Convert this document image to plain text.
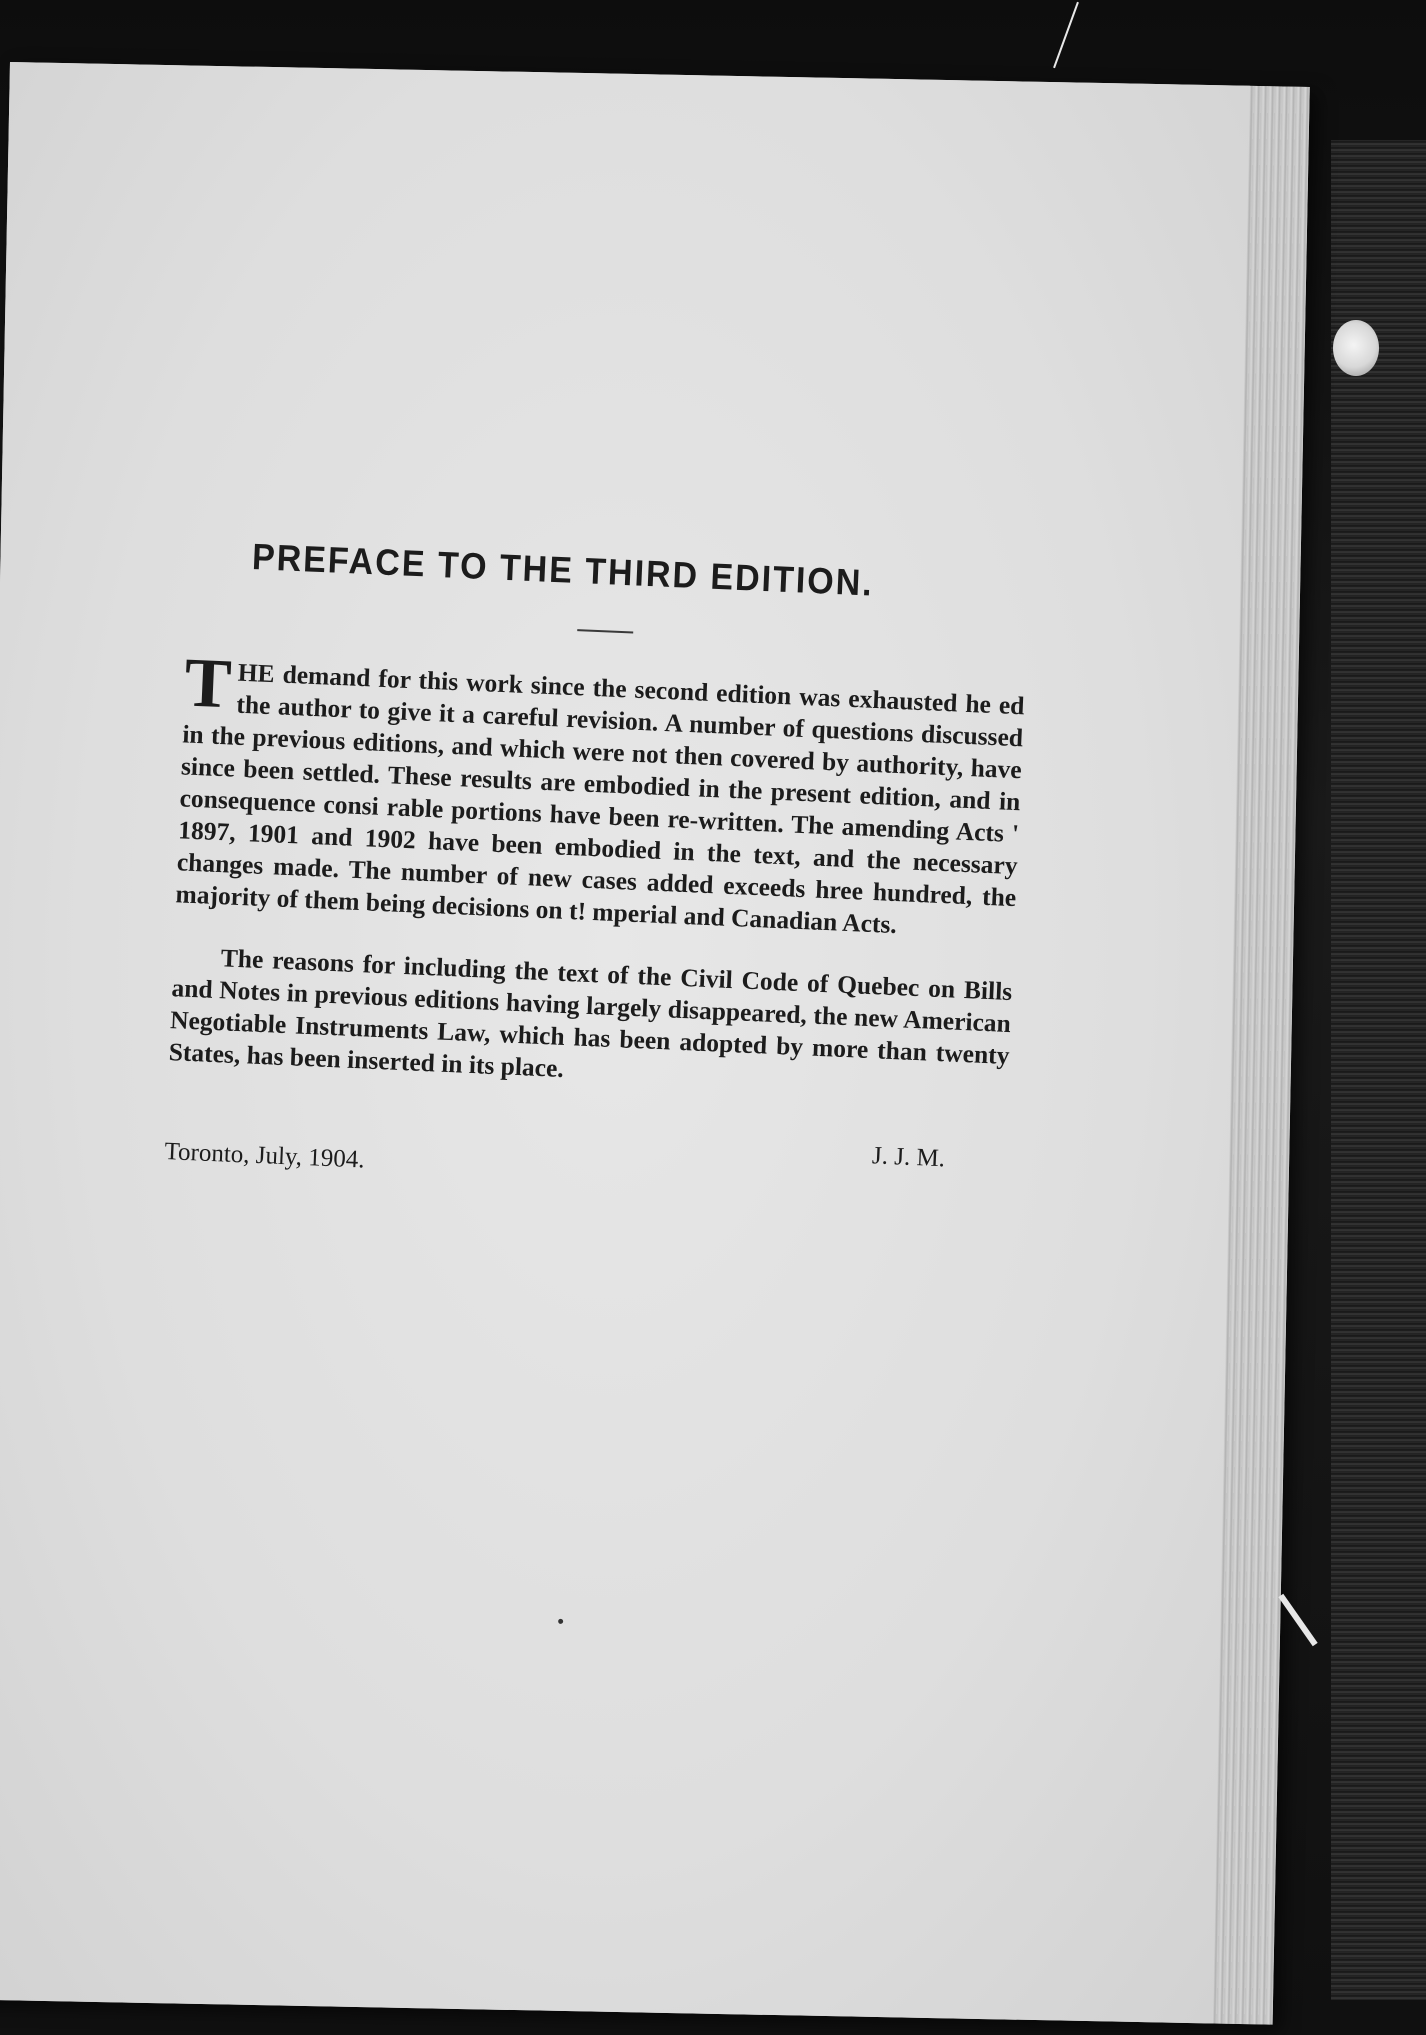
PREFACE TO THE THIRD EDITION.

THE demand for this work since the second edition was exhausted he ed the author to give it a careful revision. A number of questions discussed in the previous editions, and which were not then covered by authority, have since been settled. These results are embodied in the present edition, and in consequence consi rable portions have been re-written. The amending Acts ' 1897, 1901 and 1902 have been embodied in the text, and the necessary changes made. The number of new cases added exceeds hree hundred, the majority of them being decisions on t! mperial and Canadian Acts.

The reasons for including the text of the Civil Code of Quebec on Bills and Notes in previous editions having largely disappeared, the new American Negotiable Instruments Law, which has been adopted by more than twenty States, has been inserted in its place.

J. J. M.
Toronto, July, 1904.
